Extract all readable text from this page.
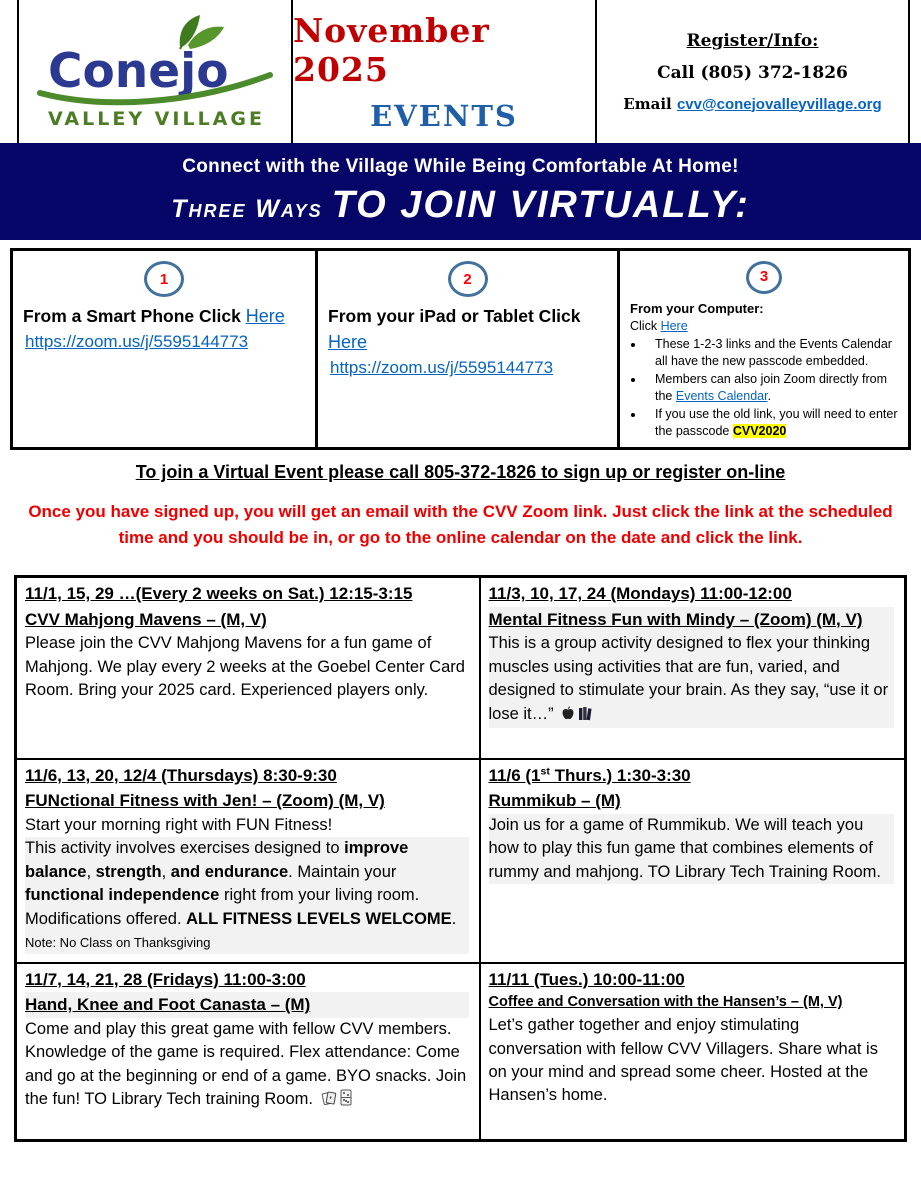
Conejo
VALLEY VILLAGE
November 2025
EVENTS
Register/Info:
Call (805) 372-1826
Email cvv@conejovalleyvillage.org
Connect with the Village While Being Comfortable At Home!
Three Ways TO JOIN VIRTUALLY:
1
From a Smart Phone Click Here
https://zoom.us/j/5595144773
2
From your iPad or Tablet Click Here
https://zoom.us/j/5595144773
3
From your Computer:
Click Here
• These 1-2-3 links and the Events Calendar all have the new passcode embedded.
• Members can also join Zoom directly from the Events Calendar.
• If you use the old link, you will need to enter the passcode CVV2020
To join a Virtual Event please call 805-372-1826 to sign up or register on-line
Once you have signed up, you will get an email with the CVV Zoom link. Just click the link at the scheduled time and you should be in, or go to the online calendar on the date and click the link.
11/1, 15, 29 …(Every 2 weeks on Sat.) 12:15-3:15
CVV Mahjong Mavens – (M, V)
Please join the CVV Mahjong Mavens for a fun game of Mahjong. We play every 2 weeks at the Goebel Center Card Room. Bring your 2025 card. Experienced players only.

11/3, 10, 17, 24 (Mondays) 11:00-12:00
Mental Fitness Fun with Mindy – (Zoom) (M, V)
This is a group activity designed to flex your thinking muscles using activities that are fun, varied, and designed to stimulate your brain. As they say, “use it or lose it…”

11/6, 13, 20, 12/4 (Thursdays) 8:30-9:30
FUNctional Fitness with Jen! – (Zoom) (M, V)
Start your morning right with FUN Fitness!
This activity involves exercises designed to improve balance, strength, and endurance. Maintain your functional independence right from your living room. Modifications offered. ALL FITNESS LEVELS WELCOME. Note: No Class on Thanksgiving

11/6 (1st Thurs.) 1:30-3:30
Rummikub – (M)
Join us for a game of Rummikub. We will teach you how to play this fun game that combines elements of rummy and mahjong. TO Library Tech Training Room.

11/7, 14, 21, 28 (Fridays) 11:00-3:00
Hand, Knee and Foot Canasta – (M)
Come and play this great game with fellow CVV members. Knowledge of the game is required. Flex attendance: Come and go at the beginning or end of a game. BYO snacks. Join the fun! TO Library Tech training Room.

11/11 (Tues.) 10:00-11:00
Coffee and Conversation with the Hansen’s – (M, V)
Let’s gather together and enjoy stimulating conversation with fellow CVV Villagers. Share what is on your mind and spread some cheer. Hosted at the Hansen’s home.
